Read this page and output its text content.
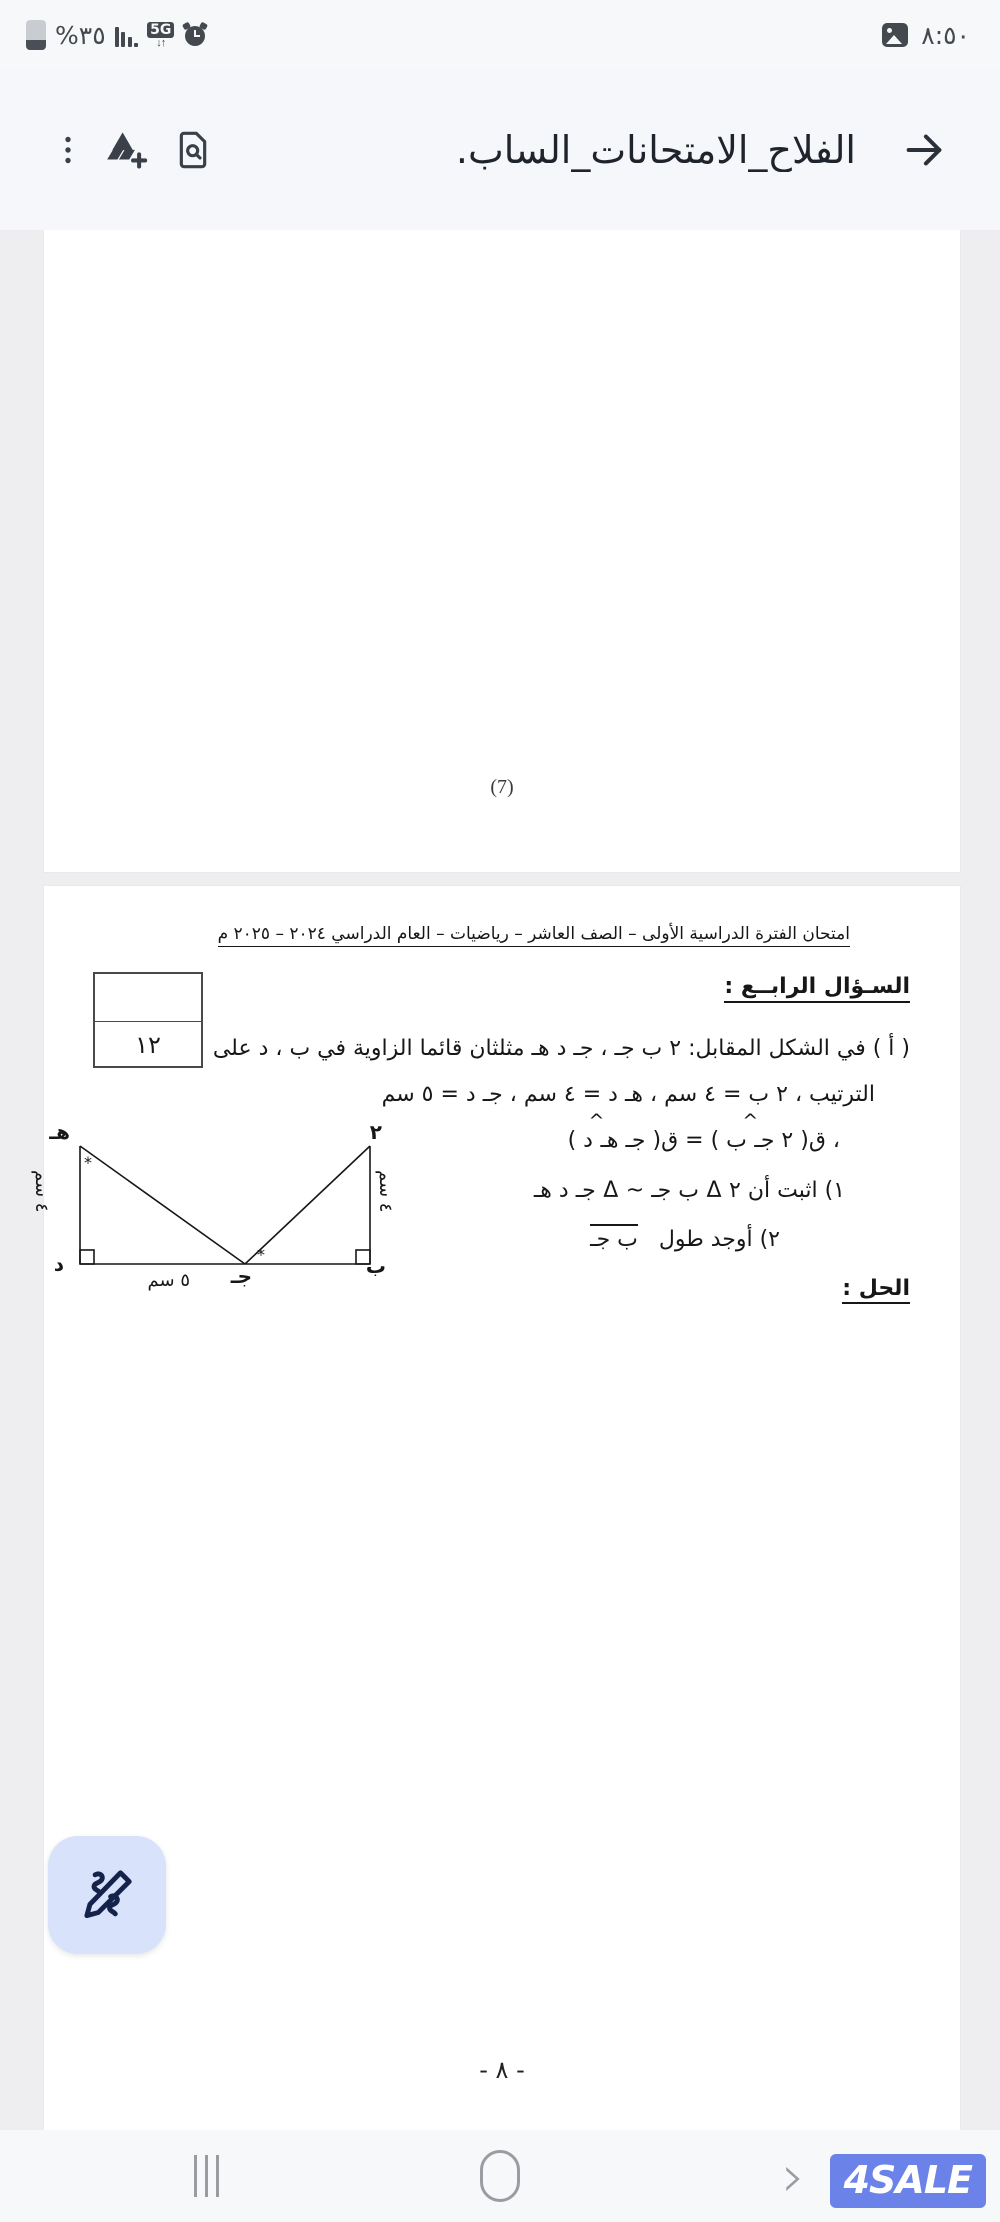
%٣٥	5G
↓↑	٨:٥٠
الفلاح_الامتحانات_الساب.
(7)
امتحان الفترة الدراسية الأولى – الصف العاشر – رياضيات – العام الدراسي ٢٠٢٤ – ٢٠٢٥ م
السـؤال الرابــع :
١٢	( أ ) في الشكل المقابل: ٢ ب جـ ، جـ د هـ مثلثان قائما الزاوية في ب ، د على
الترتيب ، ٢ ب = ٤ سم ، هـ د = ٤ سم ، جـ د = ٥ سم
، ق( ٢ جـ  ^ب ) = ق( جـ هـ  ^د )
١) اثبت أن ٢ Δ ب جـ ~ Δ جـ د هـ
٢) أوجد طول   ب جـ
الحل :
*
*
هـ	٢
د	ب
جـ
٤ سم
٤ سم
٥ سم
- ٨ -
›	4SALE
